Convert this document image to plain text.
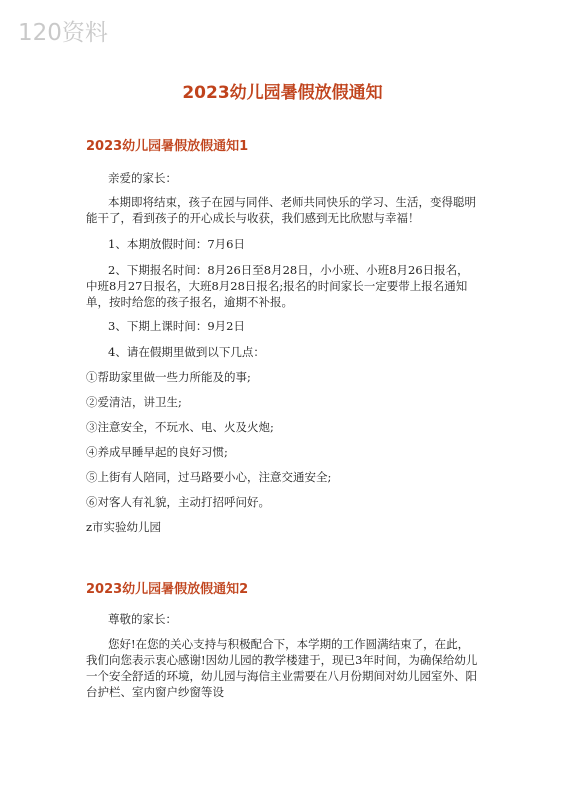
120资料
2023幼儿园暑假放假通知
2023幼儿园暑假放假通知1

亲爱的家长：

本期即将结束，孩子在园与同伴、老师共同快乐的学习、生活，变得聪明能干了，看到孩子的开心成长与收获，我们感到无比欣慰与幸福！

1、本期放假时间：7月6日

2、下期报名时间：8月26日至8月28日，小小班、小班8月26日报名，中班8月27日报名，大班8月28日报名;报名的时间家长一定要带上报名通知单，按时给您的孩子报名，逾期不补报。

3、下期上课时间：9月2日

4、请在假期里做到以下几点：

①帮助家里做一些力所能及的事;

②爱清洁，讲卫生;

③注意安全，不玩水、电、火及火炮;

④养成早睡早起的良好习惯;

⑤上街有人陪同，过马路要小心，注意交通安全;

⑥对客人有礼貌，主动打招呼问好。

z市实验幼儿园

2023幼儿园暑假放假通知2

尊敬的家长：

您好!在您的关心支持与积极配合下，本学期的工作圆满结束了，在此，我们向您表示衷心感谢!因幼儿园的教学楼建于，现已3年时间，为确保给幼儿一个安全舒适的环境，幼儿园与海信主业需要在八月份期间对幼儿园室外、阳台护栏、室内窗户纱窗等设
